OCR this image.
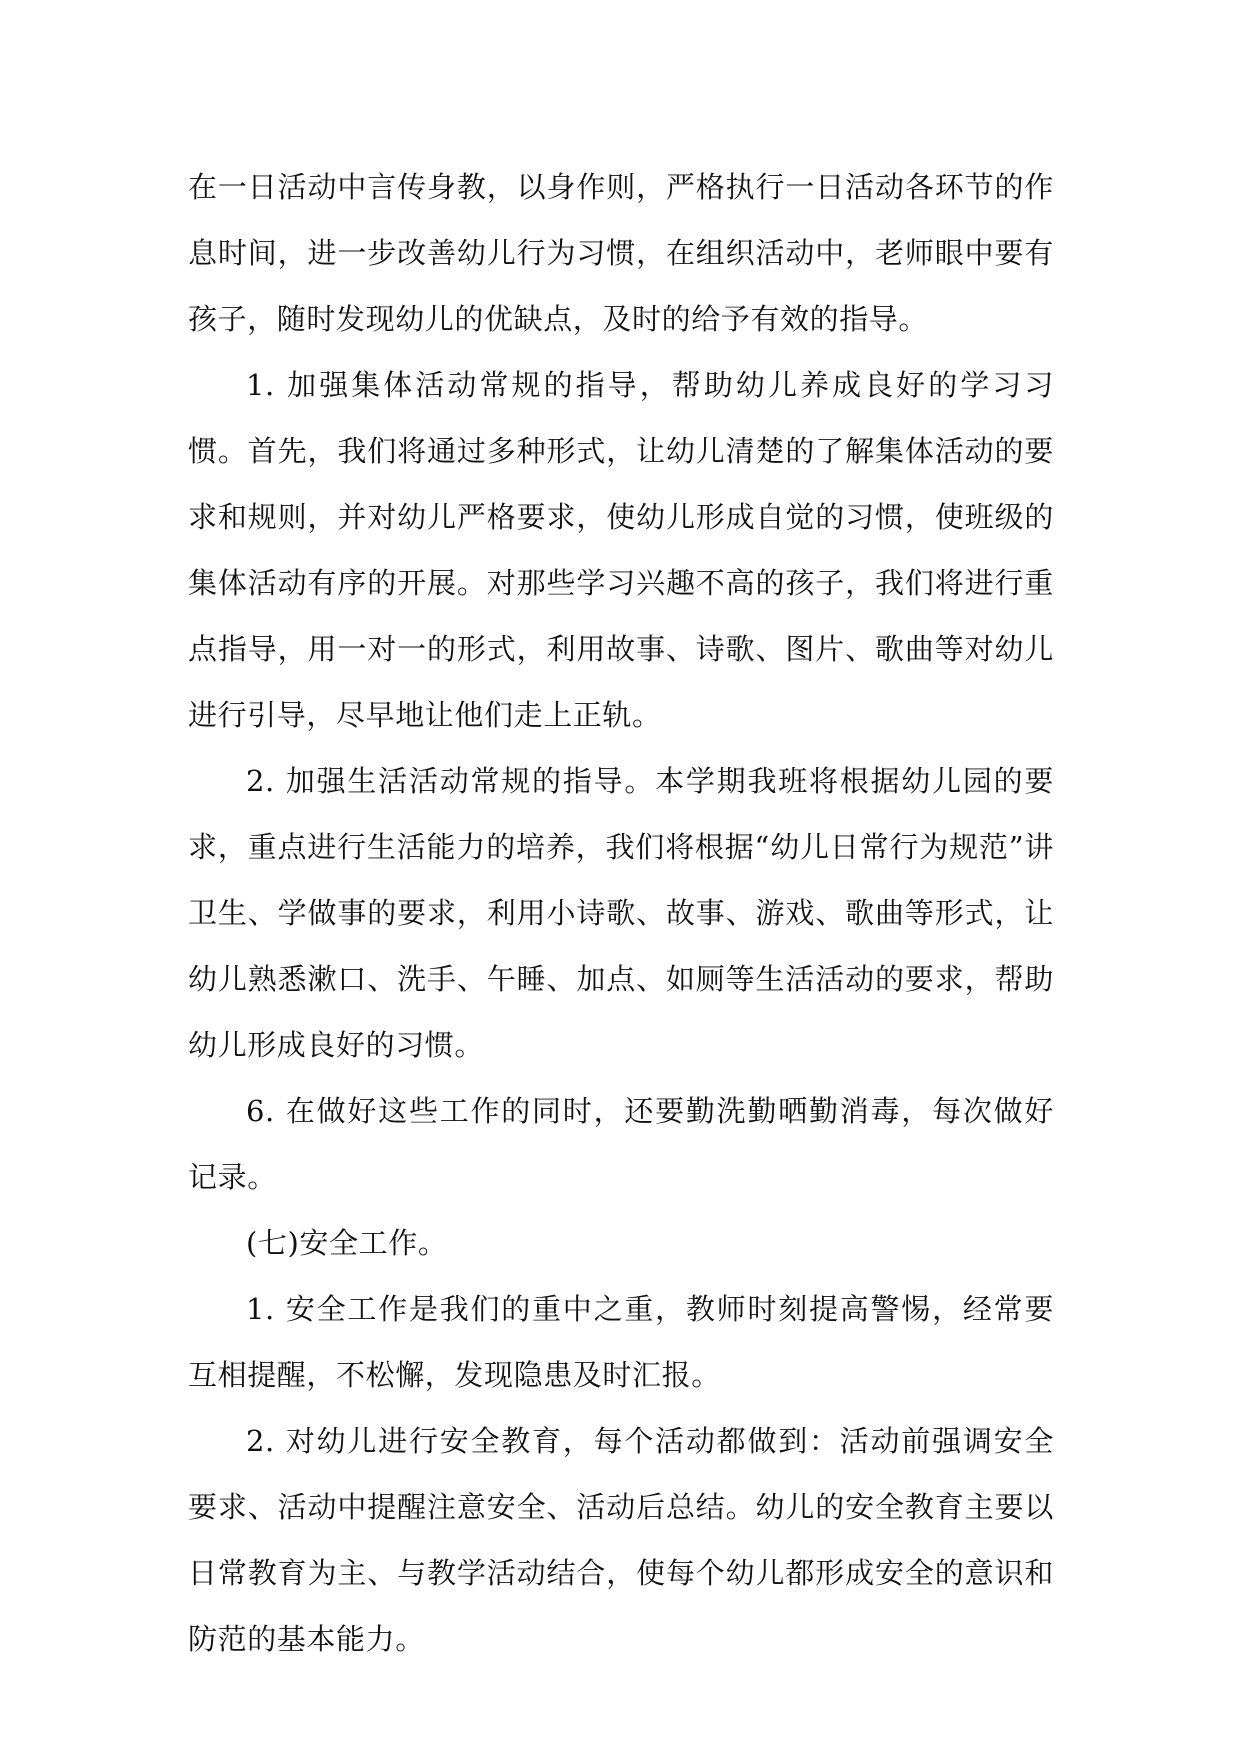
在一日活动中言传身教，以身作则，严格执行一日活动各环节的作息时间，进一步改善幼儿行为习惯，在组织活动中，老师眼中要有孩子，随时发现幼儿的优缺点，及时的给予有效的指导。

1. 加强集体活动常规的指导，帮助幼儿养成良好的学习习惯。首先，我们将通过多种形式，让幼儿清楚的了解集体活动的要求和规则，并对幼儿严格要求，使幼儿形成自觉的习惯，使班级的集体活动有序的开展。对那些学习兴趣不高的孩子，我们将进行重点指导，用一对一的形式，利用故事、诗歌、图片、歌曲等对幼儿进行引导，尽早地让他们走上正轨。

2. 加强生活活动常规的指导。本学期我班将根据幼儿园的要求，重点进行生活能力的培养，我们将根据“幼儿日常行为规范”讲卫生、学做事的要求，利用小诗歌、故事、游戏、歌曲等形式，让幼儿熟悉漱口、洗手、午睡、加点、如厕等生活活动的要求，帮助幼儿形成良好的习惯。

6. 在做好这些工作的同时，还要勤洗勤晒勤消毒，每次做好记录。

(七)安全工作。

1. 安全工作是我们的重中之重，教师时刻提高警惕，经常要互相提醒，不松懈，发现隐患及时汇报。

2. 对幼儿进行安全教育，每个活动都做到：活动前强调安全要求、活动中提醒注意安全、活动后总结。幼儿的安全教育主要以日常教育为主、与教学活动结合，使每个幼儿都形成安全的意识和防范的基本能力。
